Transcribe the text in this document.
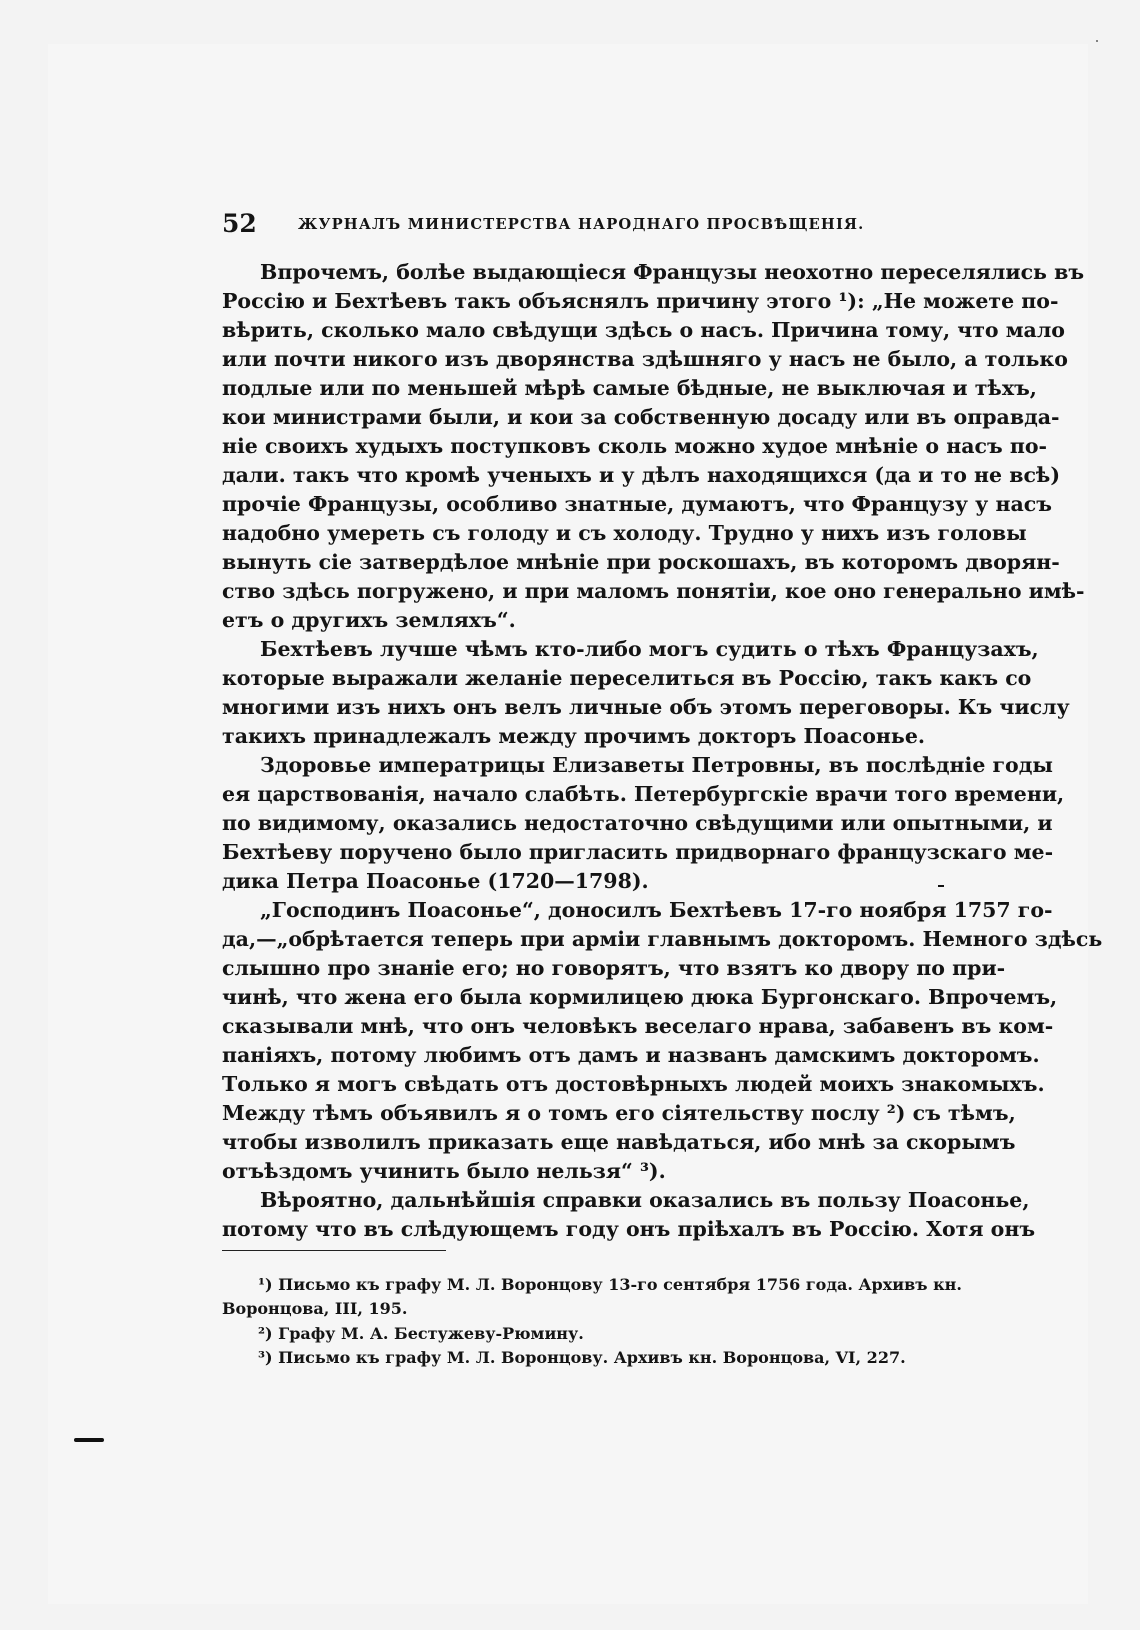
52	ЖУРНАЛЪ МИНИСТЕРСТВА НАРОДНАГО ПРОСВѢЩЕНІЯ.
Впрочемъ, болѣе выдающіеся Французы неохотно переселялись въ
Россію и Бехтѣевъ такъ объяснялъ причину этого ¹): „Не можете по-
вѣрить, сколько мало свѣдущи здѣсь о насъ. Причина тому, что мало
или почти никого изъ дворянства здѣшняго у насъ не было, а только
подлые или по меньшей мѣрѣ самые бѣдные, не выключая и тѣхъ,
кои министрами были, и кои за собственную досаду или въ оправда-
ніе своихъ худыхъ поступковъ сколь можно худое мнѣніе о насъ по-
дали. такъ что кромѣ ученыхъ и у дѣлъ находящихся (да и то не всѣ)
прочіе Французы, особливо знатные, думаютъ, что Французу у насъ
надобно умереть съ голоду и съ холоду. Трудно у нихъ изъ головы
вынуть сіе затвердѣлое мнѣніе при роскошахъ, въ которомъ дворян-
ство здѣсь погружено, и при маломъ понятіи, кое оно генерально имѣ-
етъ о другихъ земляхъ“.
Бехтѣевъ лучше чѣмъ кто-либо могъ судить о тѣхъ Французахъ,
которые выражали желаніе переселиться въ Россію, такъ какъ со
многими изъ нихъ онъ велъ личные объ этомъ переговоры. Къ числу
такихъ принадлежалъ между прочимъ докторъ Поасонье.
Здоровье императрицы Елизаветы Петровны, въ послѣдніе годы
ея царствованія, начало слабѣть. Петербургскіе врачи того времени,
по видимому, оказались недостаточно свѣдущими или опытными, и
Бехтѣеву поручено было пригласить придворнаго французскаго ме-
дика Петра Поасонье (1720—1798).
„Господинъ Поасонье“, доносилъ Бехтѣевъ 17-го ноября 1757 го-
да,—„обрѣтается теперь при арміи главнымъ докторомъ. Немного здѣсь
слышно про знаніе его; но говорятъ, что взятъ ко двору по при-
чинѣ, что жена его была кормилицею дюка Бургонскаго. Впрочемъ,
сказывали мнѣ, что онъ человѣкъ веселаго нрава, забавенъ въ ком-
паніяхъ, потому любимъ отъ дамъ и названъ дамскимъ докторомъ.
Только я могъ свѣдать отъ достовѣрныхъ людей моихъ знакомыхъ.
Между тѣмъ объявилъ я о томъ его сіятельству послу ²) съ тѣмъ,
чтобы изволилъ приказать еще навѣдаться, ибо мнѣ за скорымъ
отъѣздомъ учинить было нельзя“ ³).
Вѣроятно, дальнѣйшія справки оказались въ пользу Поасонье,
потому что въ слѣдующемъ году онъ пріѣхалъ въ Россію. Хотя онъ
¹) Письмо къ графу М. Л. Воронцову 13-го сентября 1756 года. Архивъ кн.
Воронцова, III, 195.
²) Графу М. А. Бестужеву-Рюмину.
³) Письмо къ графу М. Л. Воронцову. Архивъ кн. Воронцова, VI, 227.
